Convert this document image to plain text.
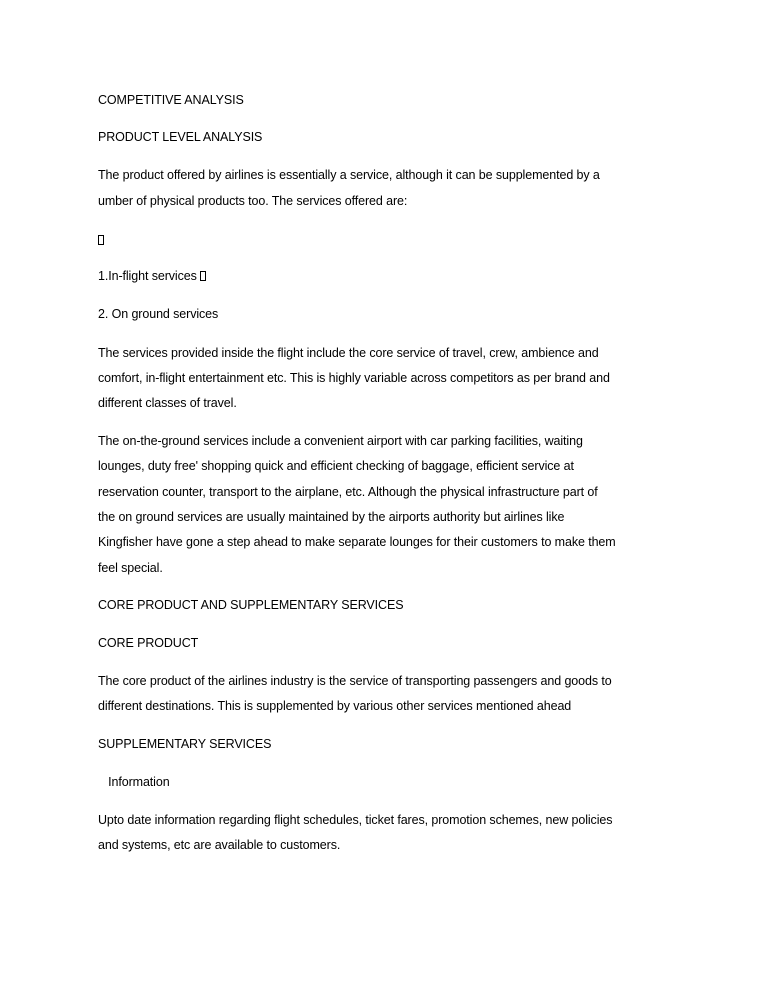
COMPETITIVE ANALYSIS
PRODUCT LEVEL ANALYSIS
The product offered by airlines is essentially a service, although it can be supplemented by a
umber of physical products too. The services offered are:
1.In-flight services
2. On ground services
The services provided inside the flight include the core service of travel, crew, ambience and
comfort, in-flight entertainment etc. This is highly variable across competitors as per brand and
different classes of travel.
The on-the-ground services include a convenient airport with car parking facilities, waiting
lounges, duty free' shopping quick and efficient checking of baggage, efficient service at
reservation counter, transport to the airplane, etc. Although the physical infrastructure part of
the on ground services are usually maintained by the airports authority but airlines like
Kingfisher have gone a step ahead to make separate lounges for their customers to make them
feel special.
CORE PRODUCT AND SUPPLEMENTARY SERVICES
CORE PRODUCT
The core product of the airlines industry is the service of transporting passengers and goods to
different destinations. This is supplemented by various other services mentioned ahead
SUPPLEMENTARY SERVICES
Information
Upto date information regarding flight schedules, ticket fares, promotion schemes, new policies
and systems, etc are available to customers.
